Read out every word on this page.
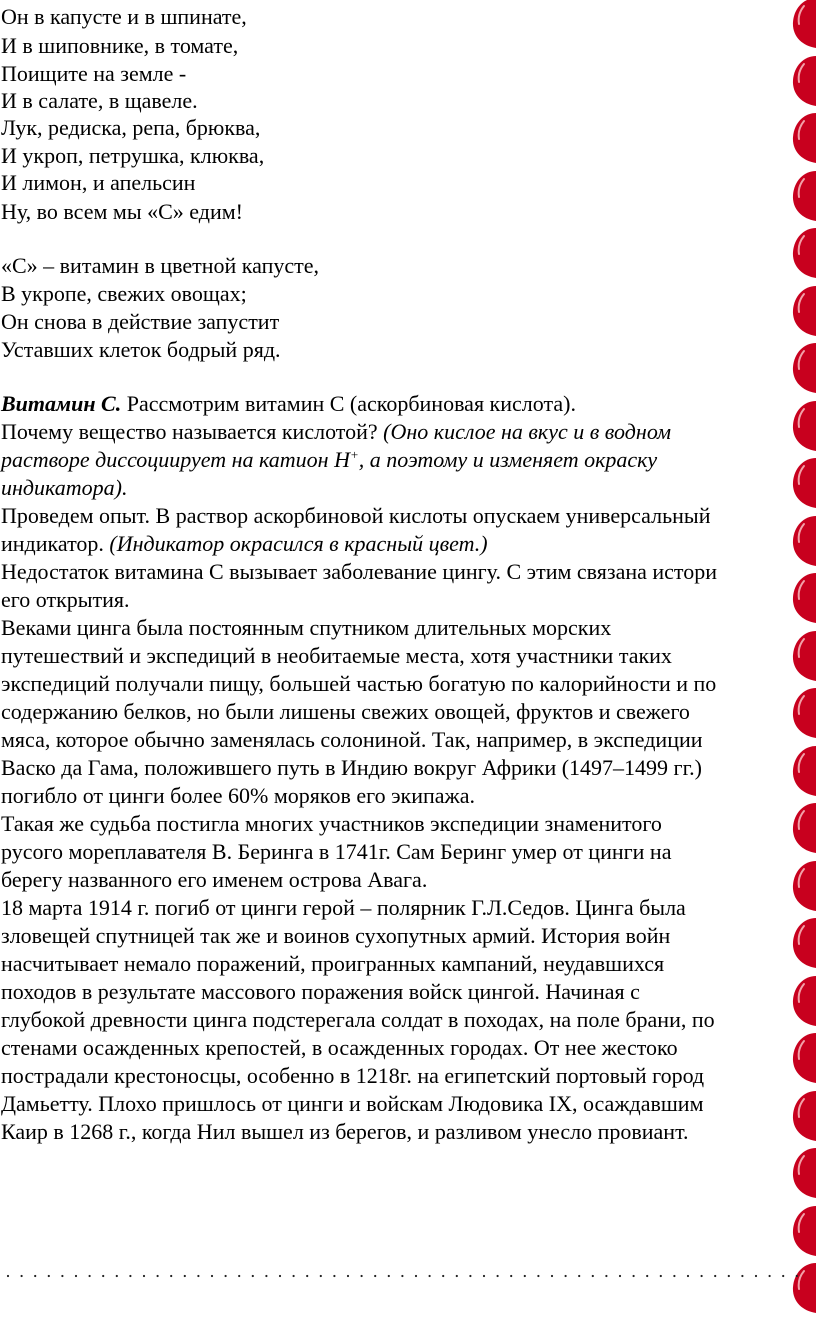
Он в капусте и в шпинате,
И в шиповнике, в томате,
Поищите на земле -
И в салате, в щавеле.
Лук, редиска, репа, брюква,
И укроп, петрушка, клюква,
И лимон, и апельсин
Ну, во всем мы «С» едим!
«С» – витамин в цветной капусте,
В укропе, свежих овощах;
Он снова в действие запустит
Уставших клеток бодрый ряд.
Витамин С. Рассмотрим витамин С (аскорбиновая кислота).
Почему вещество называется кислотой? (Оно кислое на вкус и в водном
растворе диссоциирует на катион Н+, а поэтому и изменяет окраску
индикатора).
Проведем опыт. В раствор аскорбиновой кислоты опускаем универсальный
индикатор. (Индикатор окрасился в красный цвет.)
Недостаток витамина С вызывает заболевание цингу. С этим связана истори
его открытия.
Веками цинга была постоянным спутником длительных морских
путешествий и экспедиций в необитаемые места, хотя участники таких
экспедиций получали пищу, большей частью богатую по калорийности и по
содержанию белков, но были лишены свежих овощей, фруктов и свежего
мяса, которое обычно заменялась солониной. Так, например, в экспедиции
Васко да Гама, положившего путь в Индию вокруг Африки (1497–1499 гг.)
погибло от цинги более 60% моряков его экипажа.
Такая же судьба постигла многих участников экспедиции знаменитого
русого мореплавателя В. Беринга в 1741г. Сам Беринг умер от цинги на
берегу названного его именем острова Авага.
18 марта 1914 г. погиб от цинги герой – полярник Г.Л.Седов. Цинга была
зловещей спутницей так же и воинов сухопутных армий. История войн
насчитывает немало поражений, проигранных кампаний, неудавшихся
походов в результате массового поражения войск цингой. Начиная с
глубокой древности цинга подстерегала солдат в походах, на поле брани, по
стенами осажденных крепостей, в осажденных городах. От нее жестоко
пострадали крестоносцы, особенно в 1218г. на египетский портовый город
Дамьетту. Плохо пришлось от цинги и войскам Людовика IX, осаждавшим
Каир в 1268 г., когда Нил вышел из берегов, и разливом унесло провиант.
